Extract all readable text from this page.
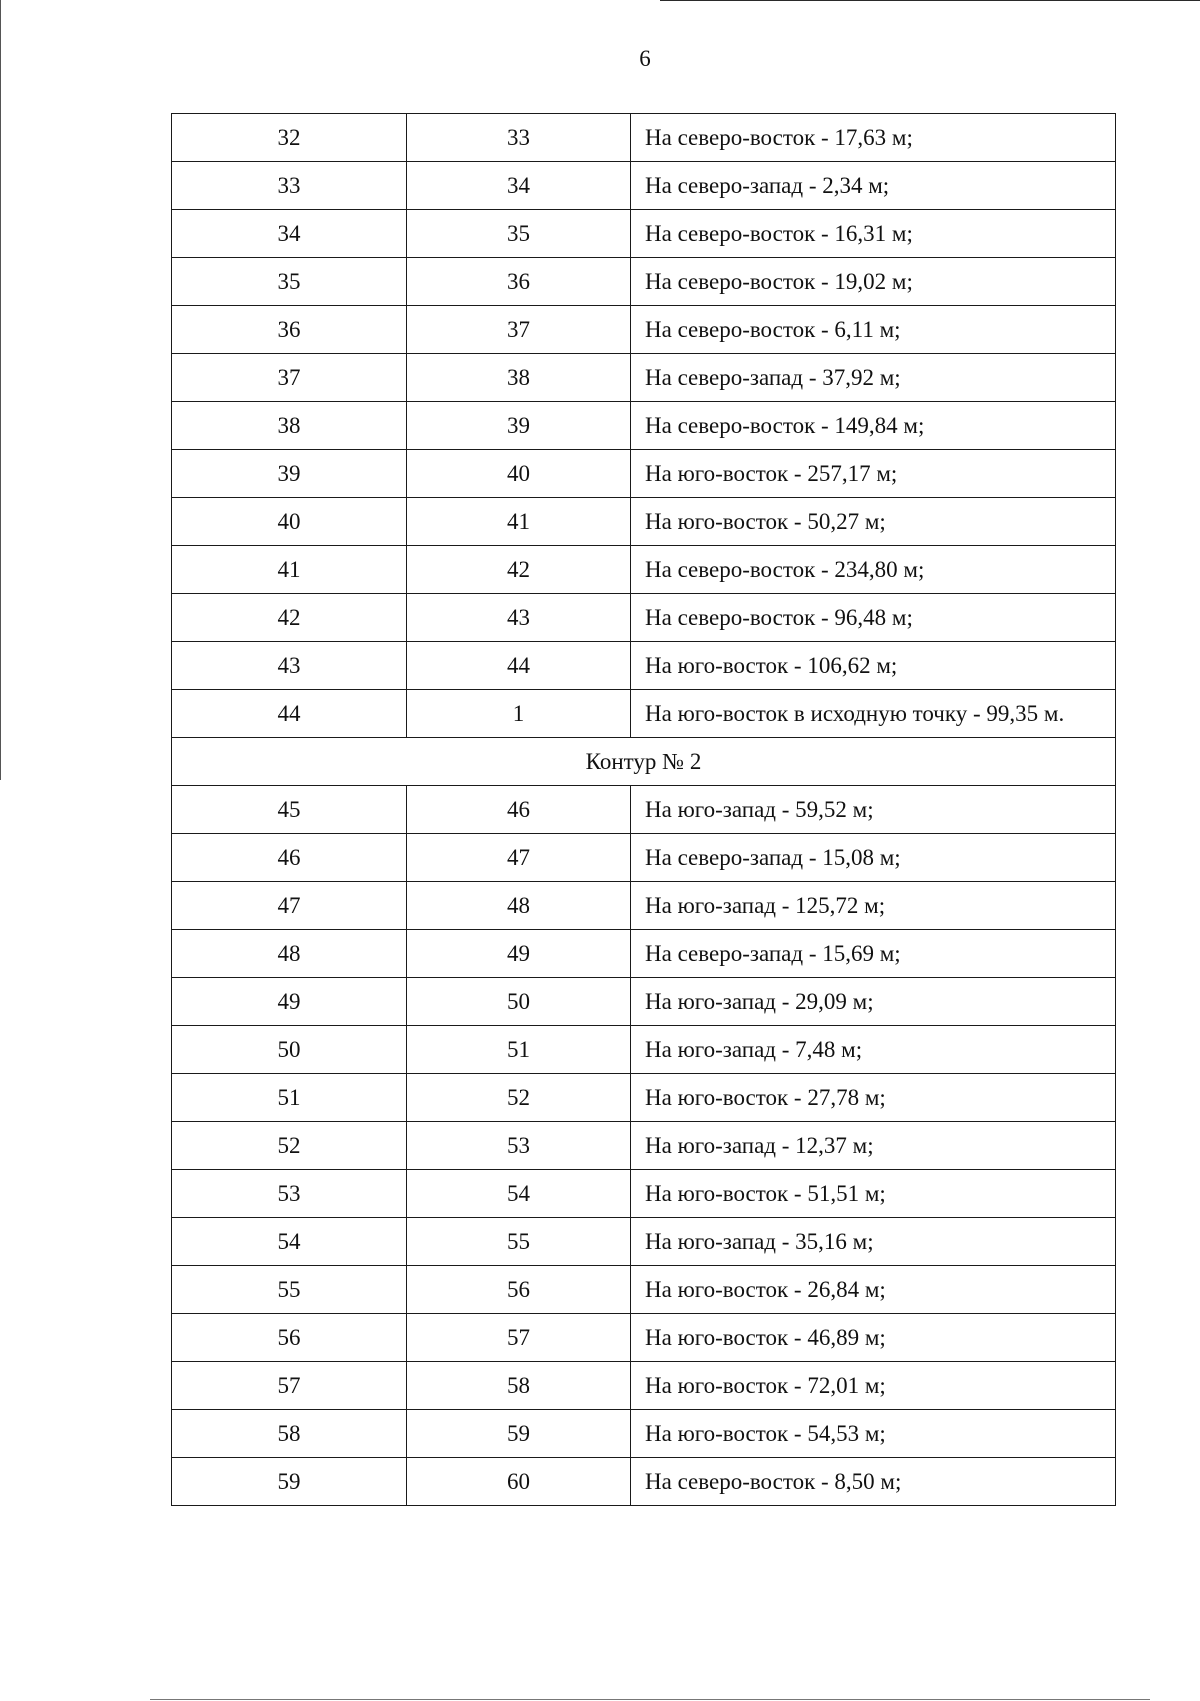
6
32	33	На северо-восток - 17,63 м;
33	34	На северо-запад - 2,34 м;
34	35	На северо-восток - 16,31 м;
35	36	На северо-восток - 19,02 м;
36	37	На северо-восток - 6,11 м;
37	38	На северо-запад - 37,92 м;
38	39	На северо-восток - 149,84 м;
39	40	На юго-восток - 257,17 м;
40	41	На юго-восток - 50,27 м;
41	42	На северо-восток - 234,80 м;
42	43	На северо-восток - 96,48 м;
43	44	На юго-восток - 106,62 м;
44	1	На юго-восток в исходную точку - 99,35 м.
Контур № 2		
45	46	На юго-запад - 59,52 м;
46	47	На северо-запад - 15,08 м;
47	48	На юго-запад - 125,72 м;
48	49	На северо-запад - 15,69 м;
49	50	На юго-запад - 29,09 м;
50	51	На юго-запад - 7,48 м;
51	52	На юго-восток - 27,78 м;
52	53	На юго-запад - 12,37 м;
53	54	На юго-восток - 51,51 м;
54	55	На юго-запад - 35,16 м;
55	56	На юго-восток - 26,84 м;
56	57	На юго-восток - 46,89 м;
57	58	На юго-восток - 72,01 м;
58	59	На юго-восток - 54,53 м;
59	60	На северо-восток - 8,50 м;
